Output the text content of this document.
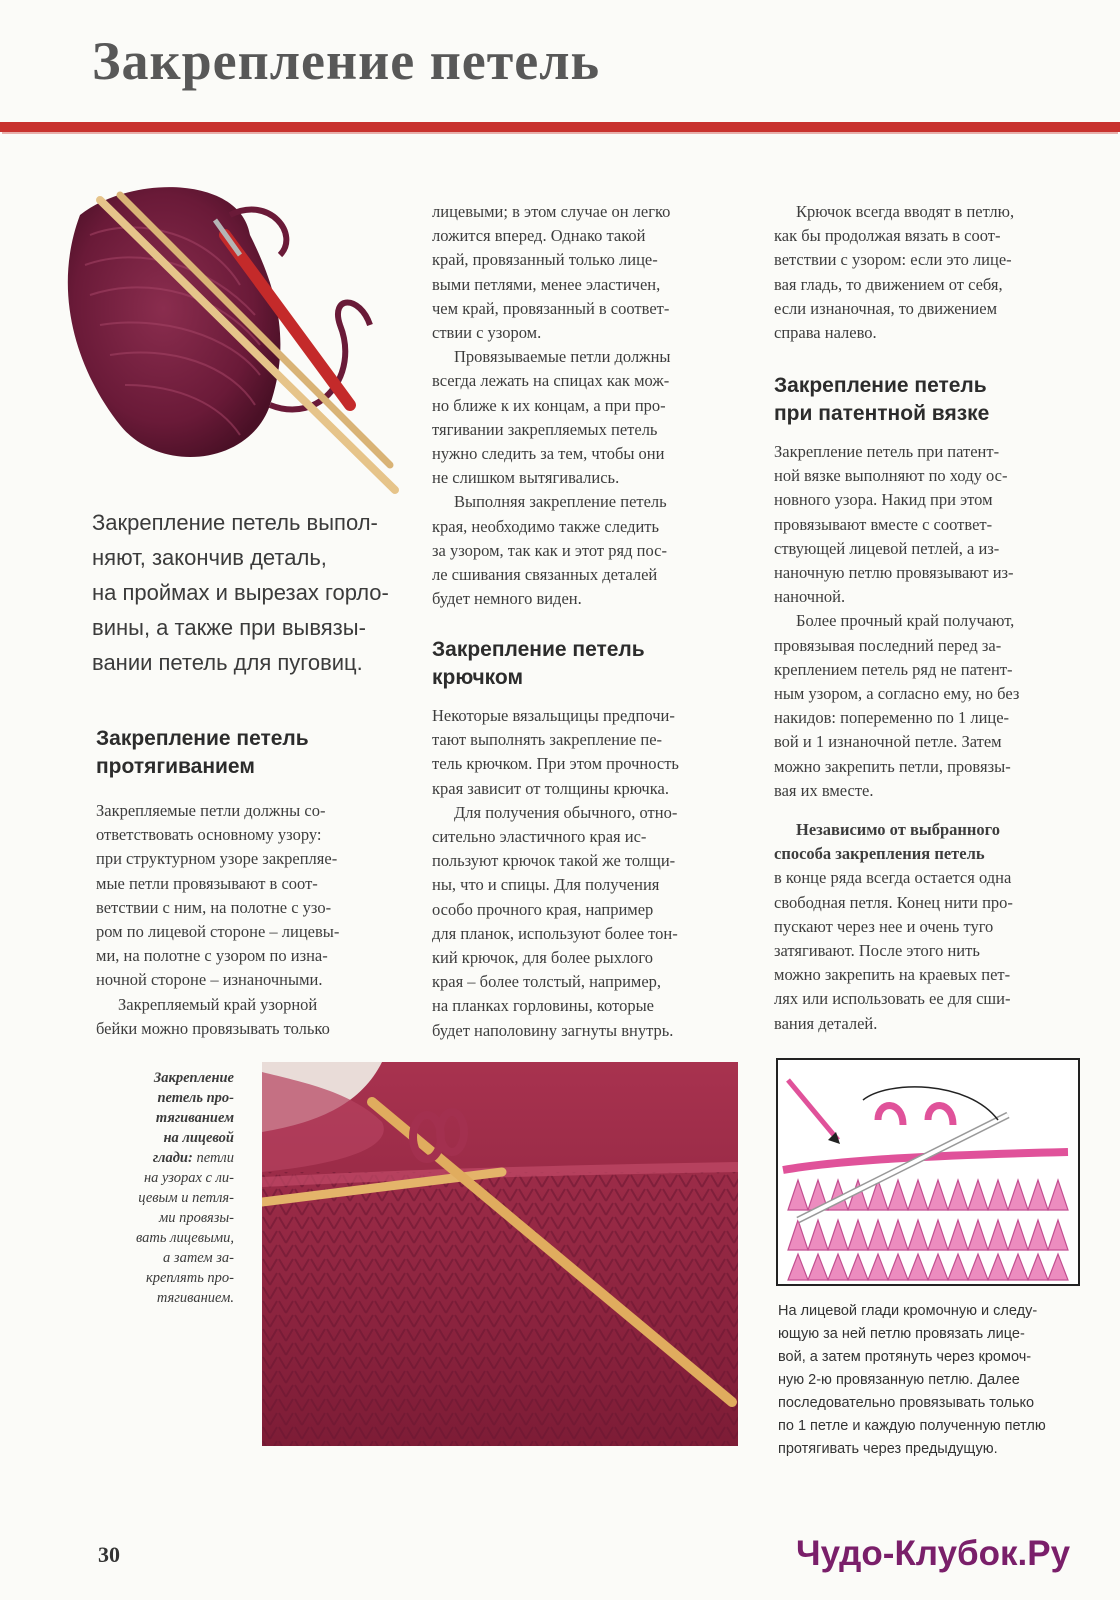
Закрепление петель
Закрепление петель выпол-
няют, закончив деталь,
на проймах и вырезах горло-
вины, а также при вывязы-
вании петель для пуговиц.
Закрепление петель
протягиванием
Закрепляемые петли должны со-
ответствовать основному узору:
при структурном узоре закрепляе-
мые петли провязывают в соот-
ветствии с ним, на полотне с узо-
ром по лицевой стороне – лицевы-
ми, на полотне с узором по изна-
ночной стороне – изнаночными.
Закрепляемый край узорной
бейки можно провязывать только
лицевыми; в этом случае он легко
ложится вперед. Однако такой
край, провязанный только лице-
выми петлями, менее эластичен,
чем край, провязанный в соответ-
ствии с узором.
Провязываемые петли должны
всегда лежать на спицах как мож-
но ближе к их концам, а при про-
тягивании закрепляемых петель
нужно следить за тем, чтобы они
не слишком вытягивались.
Выполняя закрепление петель
края, необходимо также следить
за узором, так как и этот ряд пос-
ле сшивания связанных деталей
будет немного виден.
Закрепление петель
крючком
Некоторые вязальщицы предпочи-
тают выполнять закрепление пе-
тель крючком. При этом прочность
края зависит от толщины крючка.
Для получения обычного, отно-
сительно эластичного края ис-
пользуют крючок такой же толщи-
ны, что и спицы. Для получения
особо прочного края, например
для планок, используют более тон-
кий крючок, для более рыхлого
края – более толстый, например,
на планках горловины, которые
будет наполовину загнуты внутрь.
Крючок всегда вводят в петлю,
как бы продолжая вязать в соот-
ветствии с узором: если это лице-
вая гладь, то движением от себя,
если изнаночная, то движением
справа налево.
Закрепление петель
при патентной вязке
Закрепление петель при патент-
ной вязке выполняют по ходу ос-
новного узора. Накид при этом
провязывают вместе с соответ-
ствующей лицевой петлей, а из-
наночную петлю провязывают из-
наночной.
Более прочный край получают,
провязывая последний перед за-
креплением петель ряд не патент-
ным узором, а согласно ему, но без
накидов: попеременно по 1 лице-
вой и 1 изнаночной петле. Затем
можно закрепить петли, провязы-
вая их вместе.
Независимо от выбранного
способа закрепления петель
в конце ряда всегда остается одна
свободная петля. Конец нити про-
пускают через нее и очень туго
затягивают. После этого нить
можно закрепить на краевых пет-
лях или использовать ее для сши-
вания деталей.
Закрепление
петель про-
тягиванием
на лицевой
глади: петли
на узорах с ли-
цевым и петля-
ми провязы-
вать лицевыми,
а затем за-
креплять про-
тягиванием.
На лицевой глади кромочную и следу-
ющую за ней петлю провязать лице-
вой, а затем протянуть через кромоч-
ную 2-ю провязанную петлю. Далее
последовательно провязывать только
по 1 петле и каждую полученную петлю
протягивать через предыдущую.
30	Чудо-Клубок.Ру
